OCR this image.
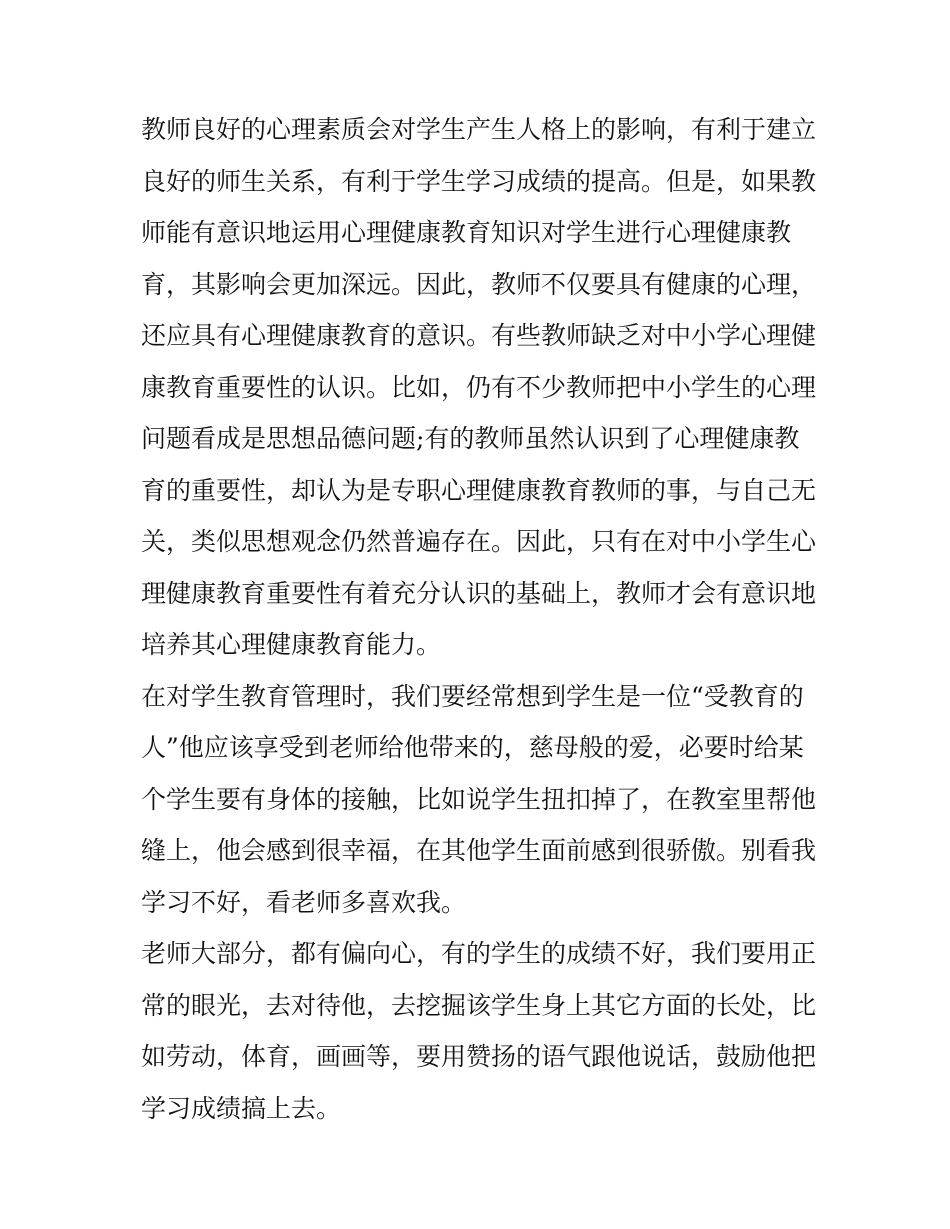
教师良好的心理素质会对学生产生人格上的影响，有利于建立
良好的师生关系，有利于学生学习成绩的提高。但是，如果教
师能有意识地运用心理健康教育知识对学生进行心理健康教
育，其影响会更加深远。因此，教师不仅要具有健康的心理，
还应具有心理健康教育的意识。有些教师缺乏对中小学心理健
康教育重要性的认识。比如，仍有不少教师把中小学生的心理
问题看成是思想品德问题;有的教师虽然认识到了心理健康教
育的重要性，却认为是专职心理健康教育教师的事，与自己无
关，类似思想观念仍然普遍存在。因此，只有在对中小学生心
理健康教育重要性有着充分认识的基础上，教师才会有意识地
培养其心理健康教育能力。
在对学生教育管理时，我们要经常想到学生是一位“受教育的
人”他应该享受到老师给他带来的，慈母般的爱，必要时给某
个学生要有身体的接触，比如说学生扭扣掉了，在教室里帮他
缝上，他会感到很幸福，在其他学生面前感到很骄傲。别看我
学习不好，看老师多喜欢我。
老师大部分，都有偏向心，有的学生的成绩不好，我们要用正
常的眼光，去对待他，去挖掘该学生身上其它方面的长处，比
如劳动，体育，画画等，要用赞扬的语气跟他说话，鼓励他把
学习成绩搞上去。
